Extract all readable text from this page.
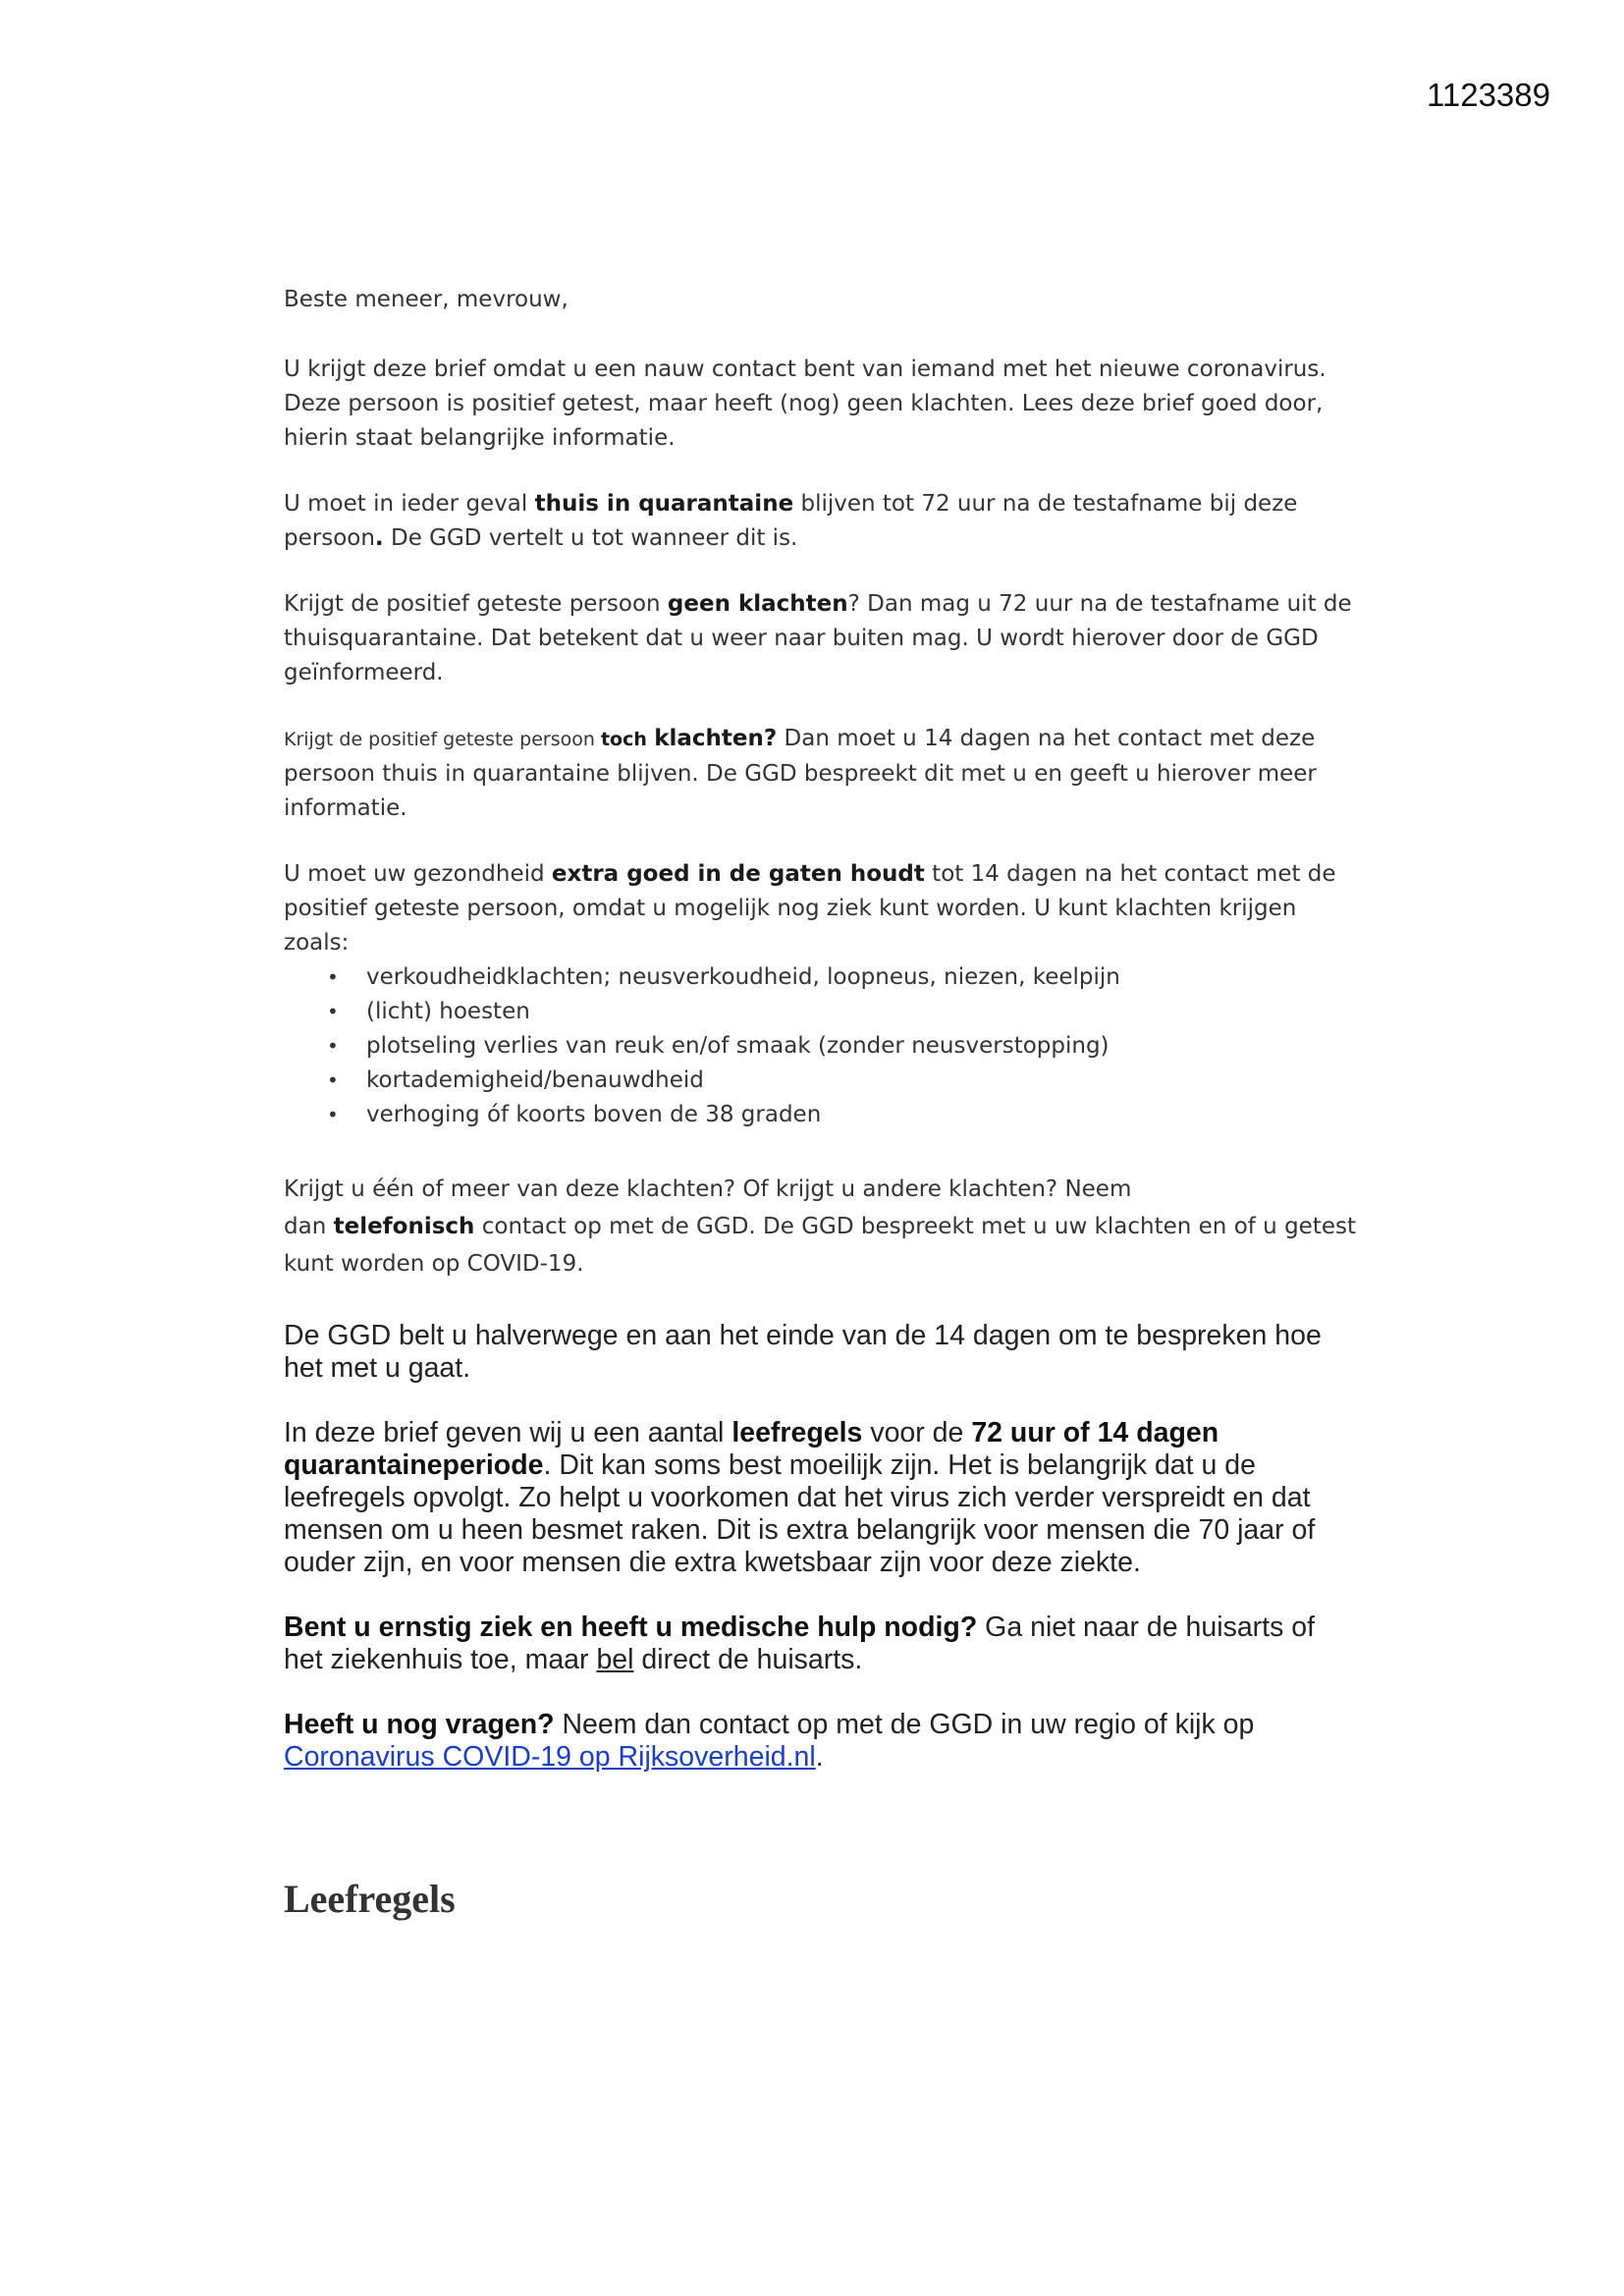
1123389

Beste meneer, mevrouw,

U krijgt deze brief omdat u een nauw contact bent van iemand met het nieuwe coronavirus.
Deze persoon is positief getest, maar heeft (nog) geen klachten. Lees deze brief goed door,
hierin staat belangrijke informatie.

U moet in ieder geval thuis in quarantaine blijven tot 72 uur na de testafname bij deze
persoon. De GGD vertelt u tot wanneer dit is.

Krijgt de positief geteste persoon geen klachten? Dan mag u 72 uur na de testafname uit de
thuisquarantaine. Dat betekent dat u weer naar buiten mag. U wordt hierover door de GGD
geïnformeerd.

Krijgt de positief geteste persoon toch klachten? Dan moet u 14 dagen na het contact met deze
persoon thuis in quarantaine blijven. De GGD bespreekt dit met u en geeft u hierover meer
informatie.

U moet uw gezondheid extra goed in de gaten houdt tot 14 dagen na het contact met de
positief geteste persoon, omdat u mogelijk nog ziek kunt worden. U kunt klachten krijgen
zoals:

• verkoudheidklachten; neusverkoudheid, loopneus, niezen, keelpijn
• (licht) hoesten
• plotseling verlies van reuk en/of smaak (zonder neusverstopping)
• kortademigheid/benauwdheid
• verhoging óf koorts boven de 38 graden

Krijgt u één of meer van deze klachten? Of krijgt u andere klachten? Neem
dan telefonisch contact op met de GGD. De GGD bespreekt met u uw klachten en of u getest
kunt worden op COVID-19.

De GGD belt u halverwege en aan het einde van de 14 dagen om te bespreken hoe
het met u gaat.

In deze brief geven wij u een aantal leefregels voor de 72 uur of 14 dagen
quarantaineperiode. Dit kan soms best moeilijk zijn. Het is belangrijk dat u de
leefregels opvolgt. Zo helpt u voorkomen dat het virus zich verder verspreidt en dat
mensen om u heen besmet raken. Dit is extra belangrijk voor mensen die 70 jaar of
ouder zijn, en voor mensen die extra kwetsbaar zijn voor deze ziekte.

Bent u ernstig ziek en heeft u medische hulp nodig? Ga niet naar de huisarts of
het ziekenhuis toe, maar bel direct de huisarts.

Heeft u nog vragen? Neem dan contact op met de GGD in uw regio of kijk op
Coronavirus COVID-19 op Rijksoverheid.nl.

Leefregels
